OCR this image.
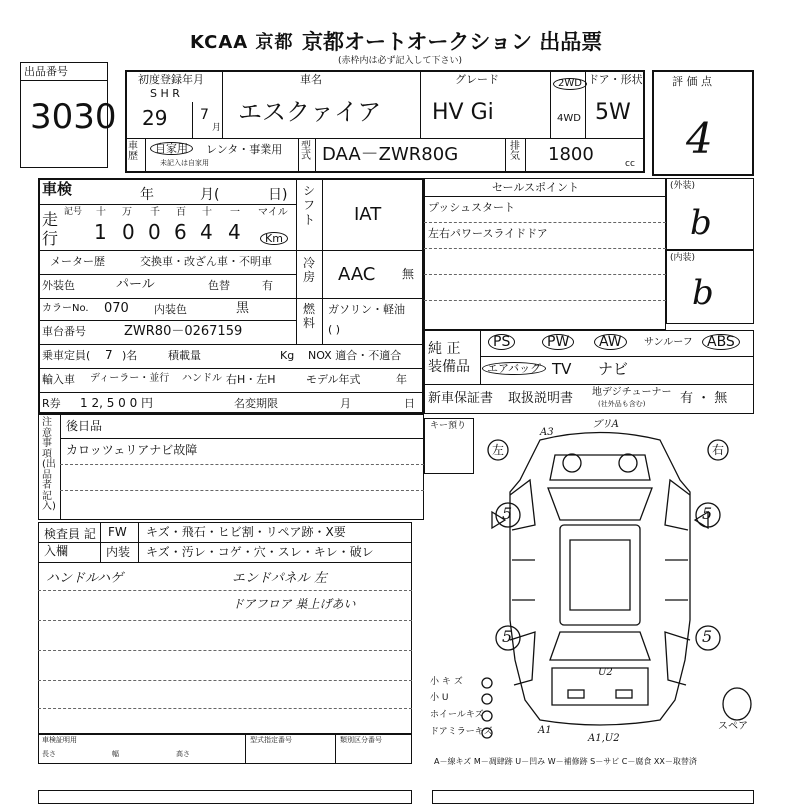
KCAA 京都 京都オートオークション 出品票
(赤枠内は必ず記入して下さい)
出品番号
3030
初度登録年月
S H R
29 7
月
車名
エスクァイア
グレード
HV Gi
2WD
4WD
ドア・形状
5W
車歴
自家用	レンタ・事業用
未記入は自家用
型式 DAA－ZWR80G	排気 1800	cc
評 価 点
4
車検	年	月(	日)
走行
記号 十 万 千 百 十 一 マイル
1 0 0 6 4 4	Km
メーター歴	交換車・改ざん車・不明車
外装色	パール	色替	有
カラーNo. 070 内装色	黒
車台番号	ZWR80－0267159
乗車定員( 7 )名	積載量	Kg NOX 適合・不適合
輸入車 ディーラー・並行 ハンドル 右H・左H	モデル年式	年
R券 1 2, 5 0 0 円	名変期限	月	日
シフト IAT
冷房 AAC 無
燃料
ガソリン・軽油
( )
セールスポイント
プッシュスタート
左右パワースライドドア
(外装)
b
(内装)
b
純 正 装備品
PS	PW	AW	サンルーフ	ABS
エアバッグ TV ナビ
新車保証書 取扱説明書 地デジチューナー
(社外品も含む)	有 ・ 無
注意事項(出品者記入)
後日品
カロッツェリアナビ故障
キー預り
検査員 記入欄
FW キズ・飛石・ヒビ割・リペア跡・X要
内装 キズ・汚レ・コゲ・穴・スレ・キレ・破レ
ハンドルハゲ	エンドパネル 左
ドアフロア 巣上げあい
左	右
A3
ブリA
U2
A1
A1,U2
5	5
5	5
スペア
小 キ ズ
小 U
ホイールキズ
ドアミラーキズ
A－線キズ M－凋肆跡 U－凹み W－補修跡 S－サビ C－腐食 XX－取替済
車検証明用
長さ	幅	高さ
型式指定番号	類別区分番号
